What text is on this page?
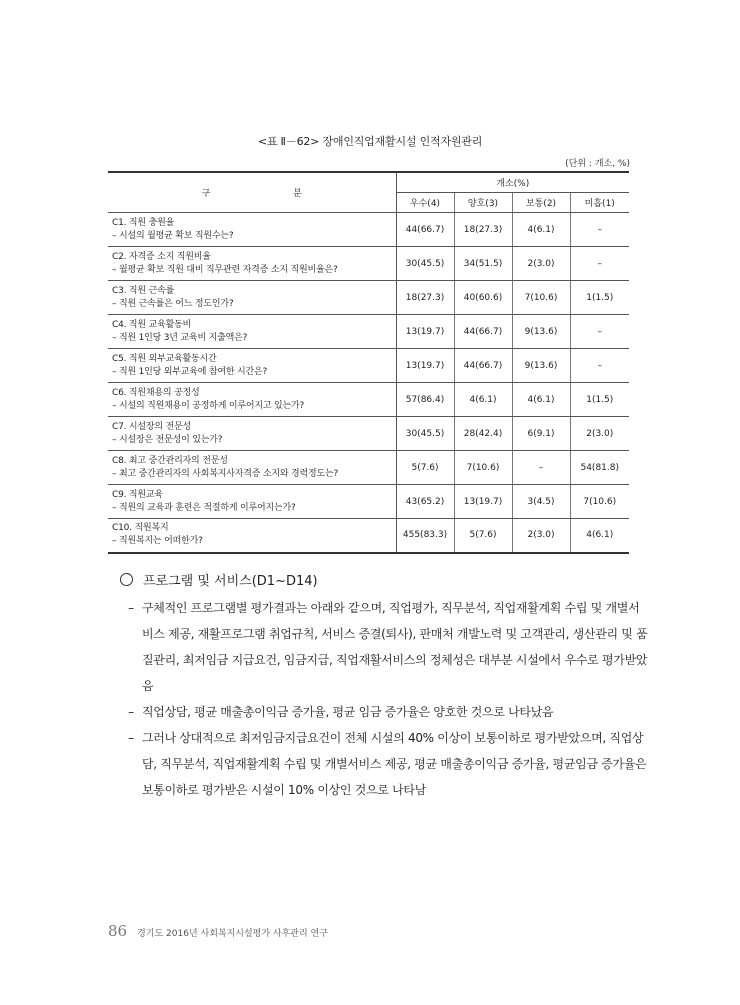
<표 Ⅱ－62> 장애인직업재활시설 인적자원관리
(단위 : 개소, %)
구 분	개소(%)			
	우수(4)	양호(3)	보통(2)	미흡(1)

C1. 직원 충원율
– 시설의 월평균 확보 직원수는?	44(66.7)	18(27.3)	4(6.1)	–

C2. 자격증 소지 직원비율
– 월평균 확보 직원 대비 직무관련 자격증 소지 직원비율은?	30(45.5)	34(51.5)	2(3.0)	–

C3. 직원 근속률
– 직원 근속률은 어느 정도인가?	18(27.3)	40(60.6)	7(10.6)	1(1.5)

C4. 직원 교육활동비
– 직원 1인당 3년 교육비 지출액은?	13(19.7)	44(66.7)	9(13.6)	–

C5. 직원 외부교육활동시간
– 직원 1인당 외부교육에 참여한 시간은?	13(19.7)	44(66.7)	9(13.6)	–

C6. 직원채용의 공정성
– 시설의 직원채용이 공정하게 이루어지고 있는가?	57(86.4)	4(6.1)	4(6.1)	1(1.5)

C7. 시설장의 전문성
– 시설장은 전문성이 있는가?	30(45.5)	28(42.4)	6(9.1)	2(3.0)

C8. 최고 중간관리자의 전문성
– 최고 중간관리자의 사회복지사자격증 소지와 경력정도는?	5(7.6)	7(10.6)	–	54(81.8)

C9. 직원교육
– 직원의 교육과 훈련은 적절하게 이루어지는가?	43(65.2)	13(19.7)	3(4.5)	7(10.6)

C10. 직원복지
– 직원복지는 어떠한가?	455(83.3)	5(7.6)	2(3.0)	4(6.1)
프로그램 및 서비스(D1~D14)
– 구체적인 프로그램별 평가결과는 아래와 같으며, 직업평가, 직무분석, 직업재활계획 수립 및 개별서비스 제공, 재활프로그램 취업규칙, 서비스 증결(퇴사), 판매처 개발노력 및 고객관리, 생산관리 및 품질관리, 최저임금 지급요건, 임금지급, 직업재활서비스의 정체성은 대부분 시설에서 우수로 평가받았음
– 직업상담, 평균 매출총이익금 증가율, 평균 임금 증가율은 양호한 것으로 나타났음
– 그러나 상대적으로 최저임금지급요건이 전체 시설의 40% 이상이 보통이하로 평가받았으며, 직업상담, 직무분석, 직업재활계획 수립 및 개별서비스 제공, 평균 매출총이익금 증가율, 평균임금 증가율은 보통이하로 평가받은 시설이 10% 이상인 것으로 나타남
86 경기도 2016년 사회복지시설평가 사후관리 연구
